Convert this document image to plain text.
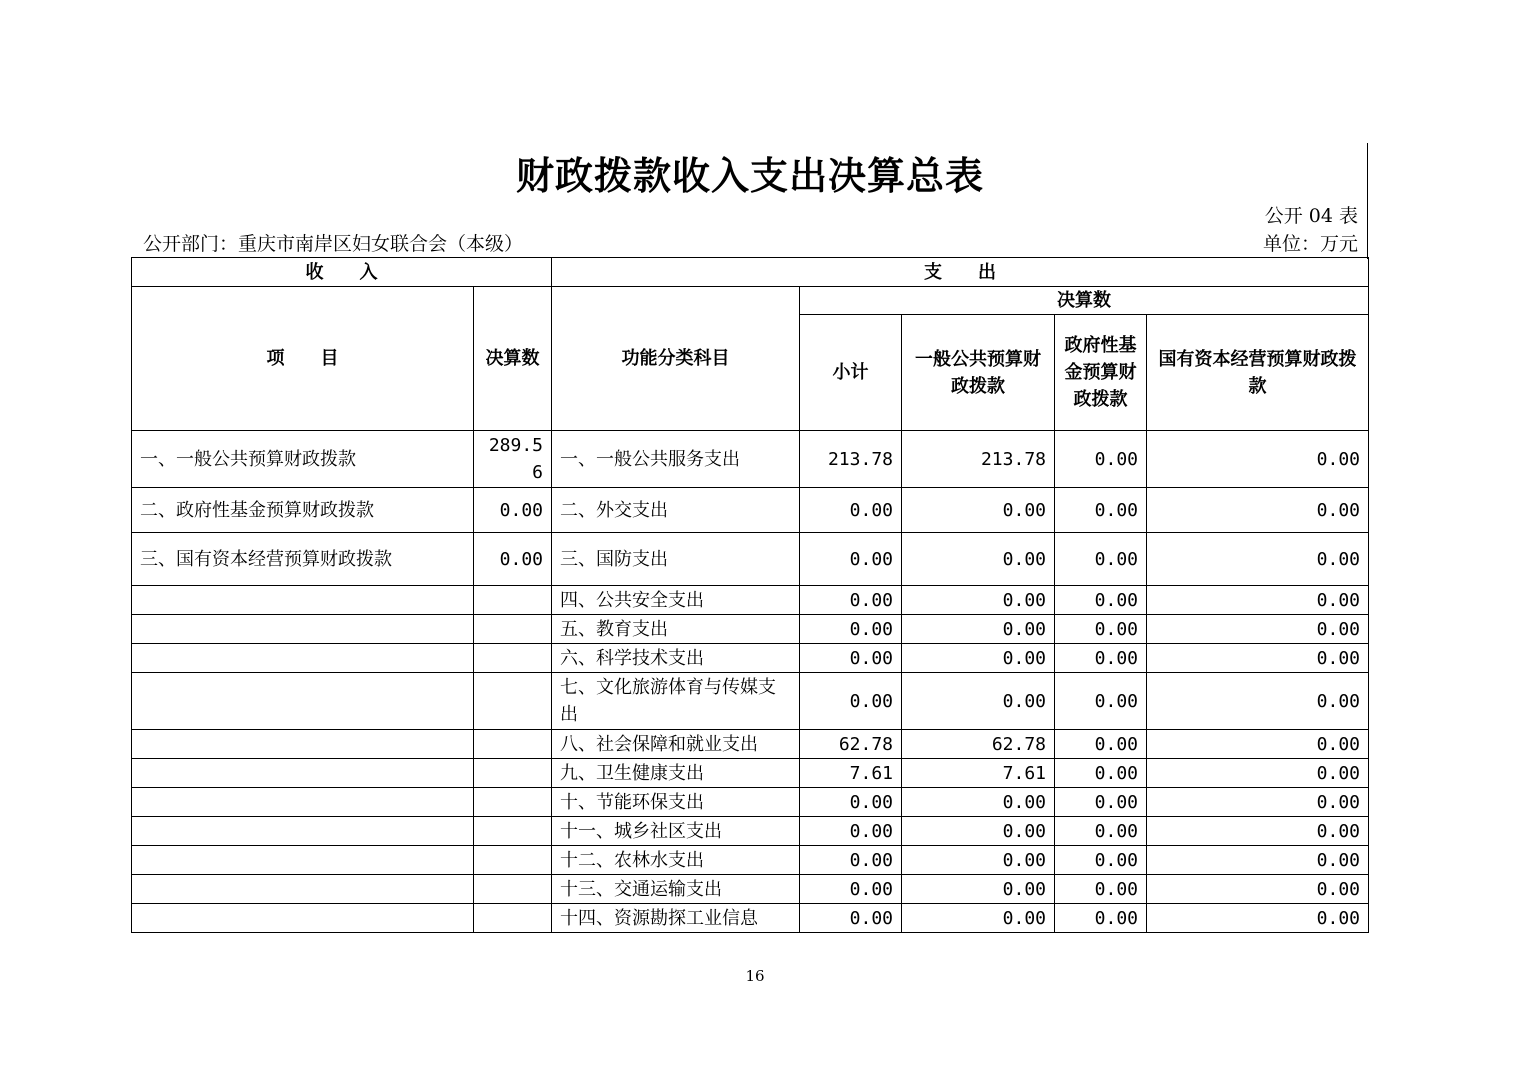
财政拨款收入支出决算总表
公开 04 表
公开部门：重庆市南岸区妇女联合会（本级）	单位：万元
收　　入		支　　出				
项　　目	决算数	功能分类科目	决算数			
			小计	一般公共预算财政拨款	政府性基金预算财政拨款	国有资本经营预算财政拨款
一、一般公共预算财政拨款	289.56	一、一般公共服务支出	213.78	213.78	0.00	0.00
二、政府性基金预算财政拨款	0.00	二、外交支出	0.00	0.00	0.00	0.00
三、国有资本经营预算财政拨款	0.00	三、国防支出	0.00	0.00	0.00	0.00
		四、公共安全支出	0.00	0.00	0.00	0.00
		五、教育支出	0.00	0.00	0.00	0.00
		六、科学技术支出	0.00	0.00	0.00	0.00
		七、文化旅游体育与传媒支出	0.00	0.00	0.00	0.00
		八、社会保障和就业支出	62.78	62.78	0.00	0.00
		九、卫生健康支出	7.61	7.61	0.00	0.00
		十、节能环保支出	0.00	0.00	0.00	0.00
		十一、城乡社区支出	0.00	0.00	0.00	0.00
		十二、农林水支出	0.00	0.00	0.00	0.00
		十三、交通运输支出	0.00	0.00	0.00	0.00
		十四、资源勘探工业信息	0.00	0.00	0.00	0.00
16
